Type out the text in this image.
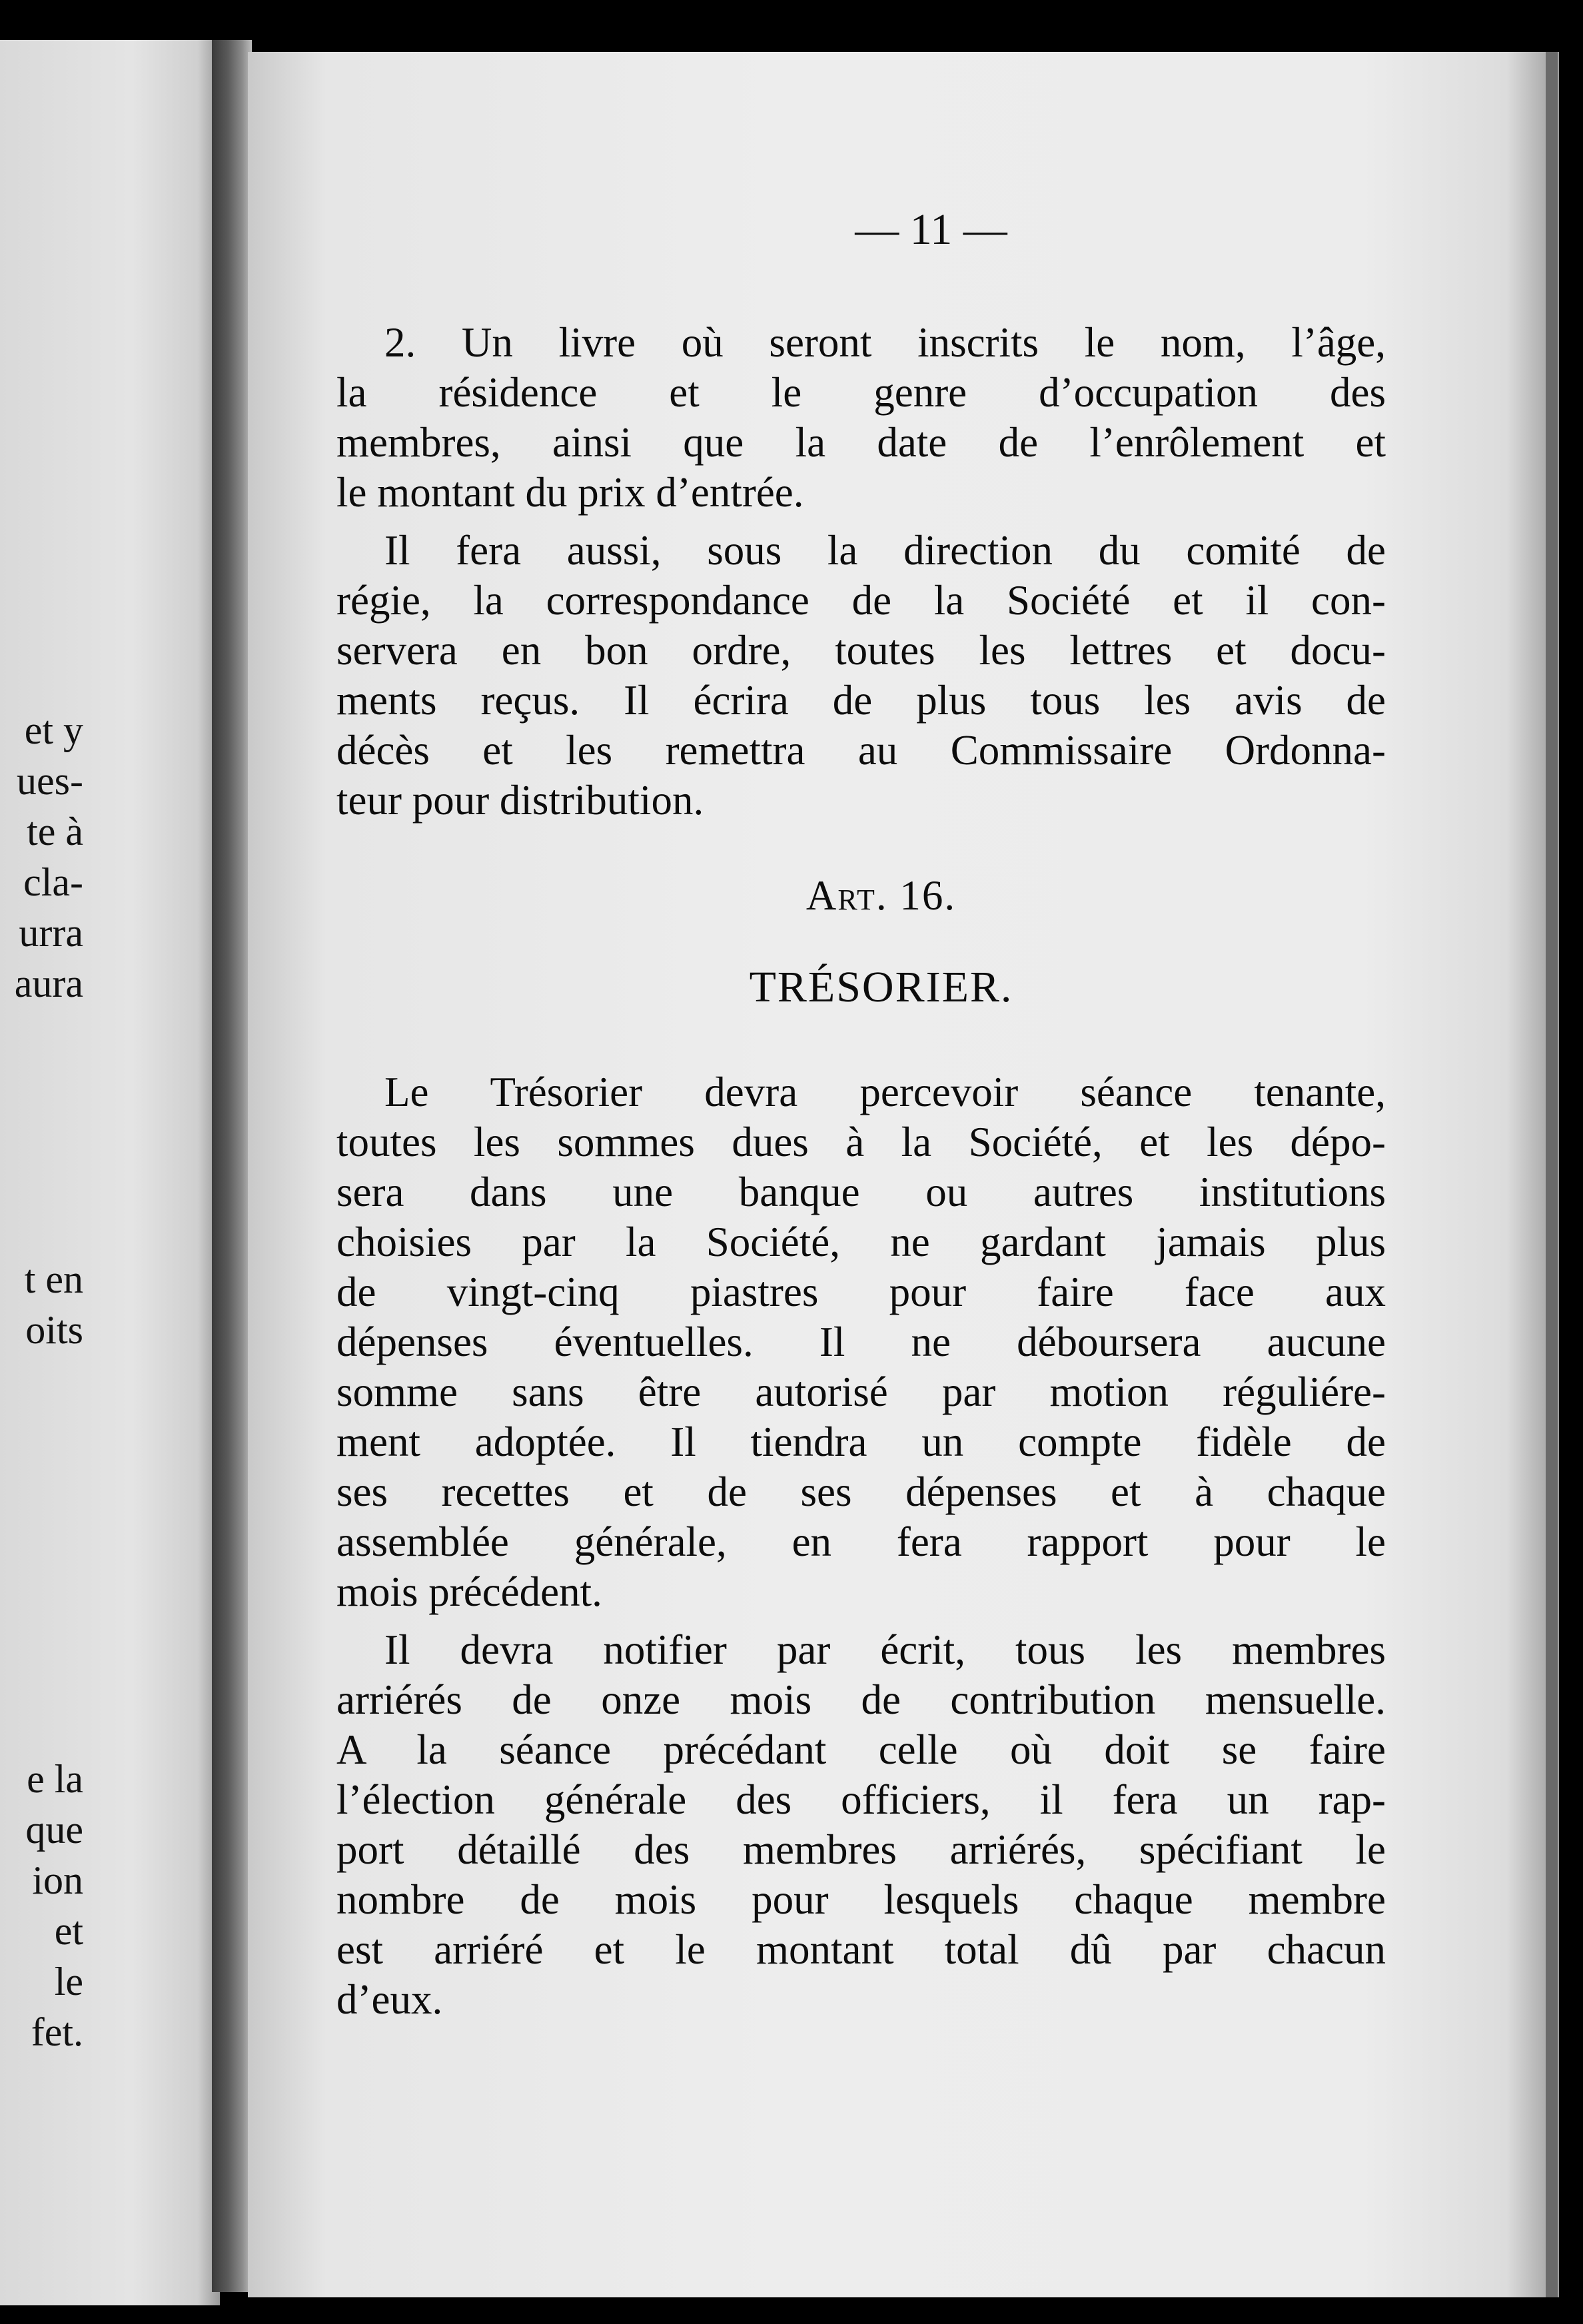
et y
ues-
te à
cla-
urra
aura
t en
oits
e la
que
ion
et
le
fet.
— 11 —

2. Un livre où seront inscrits le nom, l’âge,
la résidence et le genre d’occupation des
membres, ainsi que la date de l’enrôlement et
le montant du prix d’entrée.

Il fera aussi, sous la direction du comité de
régie, la correspondance de la Société et il con-
servera en bon ordre, toutes les lettres et docu-
ments reçus. Il écrira de plus tous les avis de
décès et les remettra au Commissaire Ordonna-
teur pour distribution.

Art. 16.
TRÉSORIER.

Le Trésorier devra percevoir séance tenante,
toutes les sommes dues à la Société, et les dépo-
sera dans une banque ou autres institutions
choisies par la Société, ne gardant jamais plus
de vingt-cinq piastres pour faire face aux
dépenses éventuelles. Il ne déboursera aucune
somme sans être autorisé par motion réguliére-
ment adoptée. Il tiendra un compte fidèle de
ses recettes et de ses dépenses et à chaque
assemblée générale, en fera rapport pour le
mois précédent.

Il devra notifier par écrit, tous les membres
arriérés de onze mois de contribution mensuelle.
A la séance précédant celle où doit se faire
l’élection générale des officiers, il fera un rap-
port détaillé des membres arriérés, spécifiant le
nombre de mois pour lesquels chaque membre
est arriéré et le montant total dû par chacun
d’eux.
